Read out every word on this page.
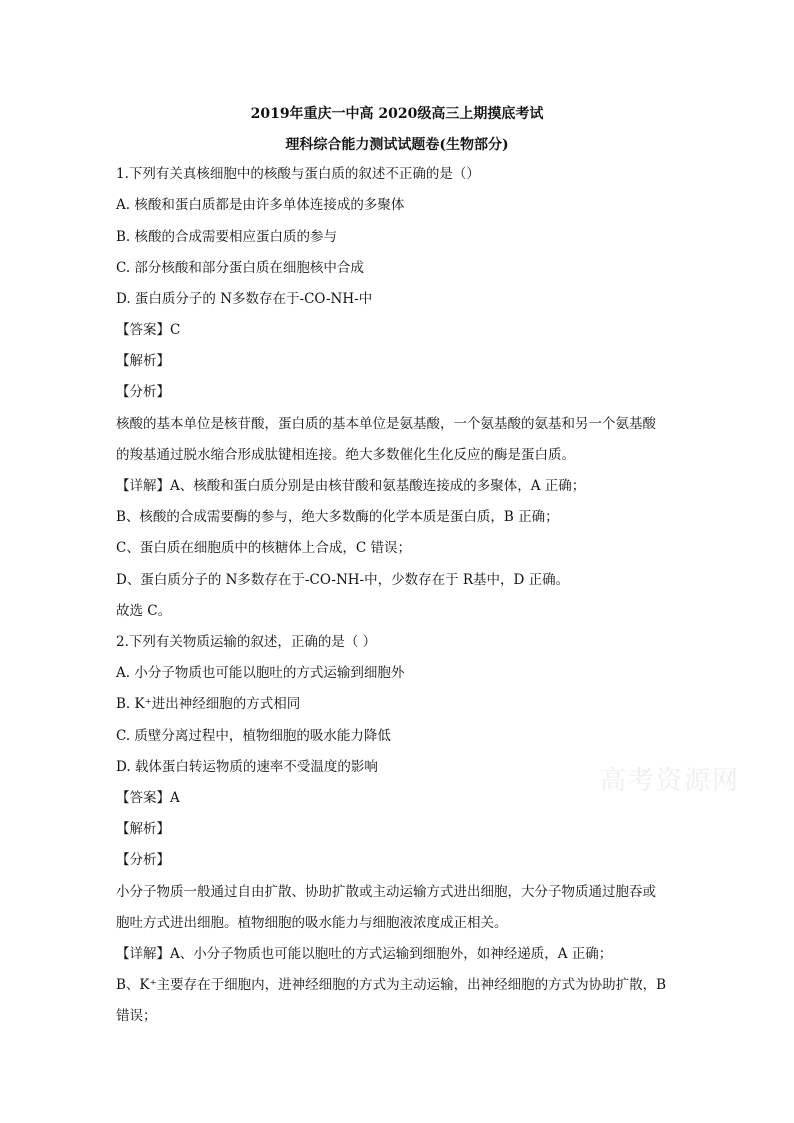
2019年重庆一中高 2020级高三上期摸底考试
理科综合能力测试试题卷(生物部分)
1.下列有关真核细胞中的核酸与蛋白质的叙述不正确的是（）
A. 核酸和蛋白质都是由许多单体连接成的多聚体
B. 核酸的合成需要相应蛋白质的参与
C. 部分核酸和部分蛋白质在细胞核中合成
D. 蛋白质分子的 N多数存在于-CO-NH-中
【答案】C
【解析】
【分析】
核酸的基本单位是核苷酸，蛋白质的基本单位是氨基酸，一个氨基酸的氨基和另一个氨基酸
的羧基通过脱水缩合形成肽键相连接。绝大多数催化生化反应的酶是蛋白质。
【详解】A、核酸和蛋白质分别是由核苷酸和氨基酸连接成的多聚体，A 正确；
B、核酸的合成需要酶的参与，绝大多数酶的化学本质是蛋白质，B 正确；
C、蛋白质在细胞质中的核糖体上合成，C 错误；
D、蛋白质分子的 N多数存在于-CO-NH-中，少数存在于 R基中，D 正确。
故选 C。
2.下列有关物质运输的叙述，正确的是（ ）
A. 小分子物质也可能以胞吐的方式运输到细胞外
B. K⁺进出神经细胞的方式相同
C. 质壁分离过程中，植物细胞的吸水能力降低
D. 载体蛋白转运物质的速率不受温度的影响
【答案】A
【解析】
【分析】
小分子物质一般通过自由扩散、协助扩散或主动运输方式进出细胞，大分子物质通过胞吞或
胞吐方式进出细胞。植物细胞的吸水能力与细胞液浓度成正相关。
【详解】A、小分子物质也可能以胞吐的方式运输到细胞外，如神经递质，A 正确；
B、K⁺主要存在于细胞内，进神经细胞的方式为主动运输，出神经细胞的方式为协助扩散，B
错误；
高考资源网
